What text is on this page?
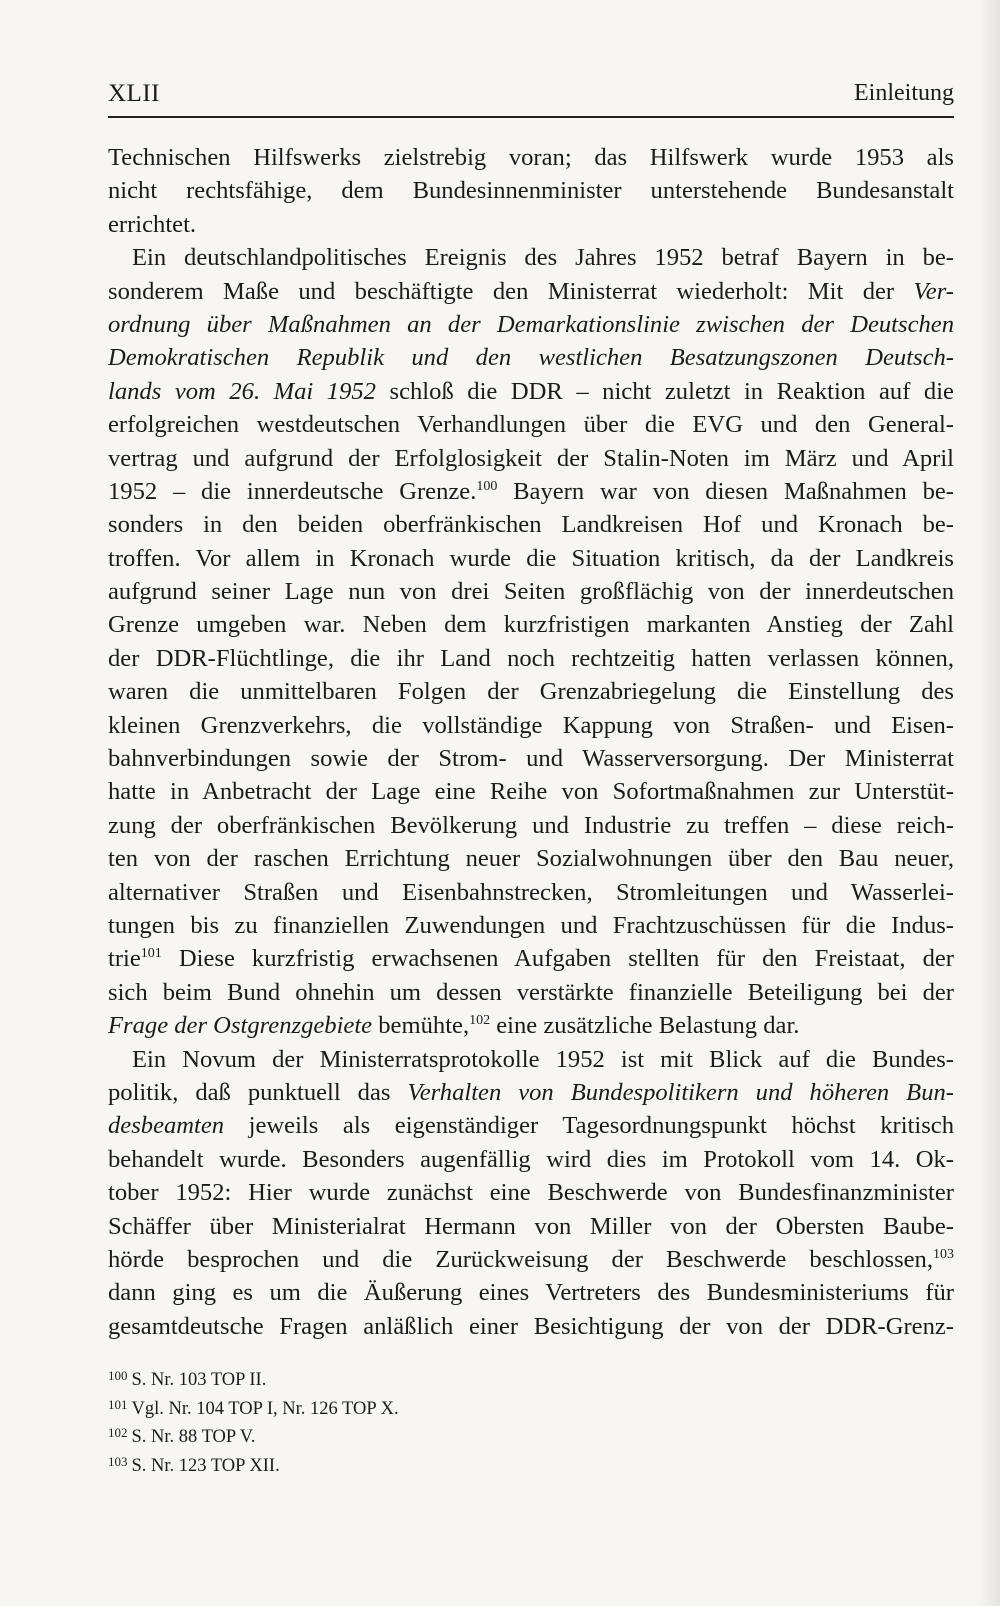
XLII	Einleitung
Technischen Hilfswerks zielstrebig voran; das Hilfswerk wurde 1953 als
nicht rechtsfähige, dem Bundesinnenminister unterstehende Bundesanstalt
errichtet.
Ein deutschlandpolitisches Ereignis des Jahres 1952 betraf Bayern in be-
sonderem Maße und beschäftigte den Ministerrat wiederholt: Mit der Ver-
ordnung über Maßnahmen an der Demarkationslinie zwischen der Deutschen
Demokratischen Republik und den westlichen Besatzungszonen Deutsch-
lands vom 26. Mai 1952 schloß die DDR – nicht zuletzt in Reaktion auf die
erfolgreichen westdeutschen Verhandlungen über die EVG und den General-
vertrag und aufgrund der Erfolglosigkeit der Stalin-Noten im März und April
1952 – die innerdeutsche Grenze.$^{100}$ Bayern war von diesen Maßnahmen be-
sonders in den beiden oberfränkischen Landkreisen Hof und Kronach be-
troffen. Vor allem in Kronach wurde die Situation kritisch, da der Landkreis
aufgrund seiner Lage nun von drei Seiten großflächig von der innerdeutschen
Grenze umgeben war. Neben dem kurzfristigen markanten Anstieg der Zahl
der DDR-Flüchtlinge, die ihr Land noch rechtzeitig hatten verlassen können,
waren die unmittelbaren Folgen der Grenzabriegelung die Einstellung des
kleinen Grenzverkehrs, die vollständige Kappung von Straßen- und Eisen-
bahnverbindungen sowie der Strom- und Wasserversorgung. Der Ministerrat
hatte in Anbetracht der Lage eine Reihe von Sofortmaßnahmen zur Unterstüt-
zung der oberfränkischen Bevölkerung und Industrie zu treffen – diese reich-
ten von der raschen Errichtung neuer Sozialwohnungen über den Bau neuer,
alternativer Straßen und Eisenbahnstrecken, Stromleitungen und Wasserlei-
tungen bis zu finanziellen Zuwendungen und Frachtzuschüssen für die Indus-
trie$^{101}$ Diese kurzfristig erwachsenen Aufgaben stellten für den Freistaat, der
sich beim Bund ohnehin um dessen verstärkte finanzielle Beteiligung bei der
Frage der Ostgrenzgebiete bemühte,$^{102}$ eine zusätzliche Belastung dar.
Ein Novum der Ministerratsprotokolle 1952 ist mit Blick auf die Bundes-
politik, daß punktuell das Verhalten von Bundespolitikern und höheren Bun-
desbeamten jeweils als eigenständiger Tagesordnungspunkt höchst kritisch
behandelt wurde. Besonders augenfällig wird dies im Protokoll vom 14. Ok-
tober 1952: Hier wurde zunächst eine Beschwerde von Bundesfinanzminister
Schäffer über Ministerialrat Hermann von Miller von der Obersten Baube-
hörde besprochen und die Zurückweisung der Beschwerde beschlossen,$^{103}$
dann ging es um die Äußerung eines Vertreters des Bundesministeriums für
gesamtdeutsche Fragen anläßlich einer Besichtigung der von der DDR-Grenz-
$^{100}$ S. Nr. 103 TOP II.
$^{101}$ Vgl. Nr. 104 TOP I, Nr. 126 TOP X.
$^{102}$ S. Nr. 88 TOP V.
$^{103}$ S. Nr. 123 TOP XII.
